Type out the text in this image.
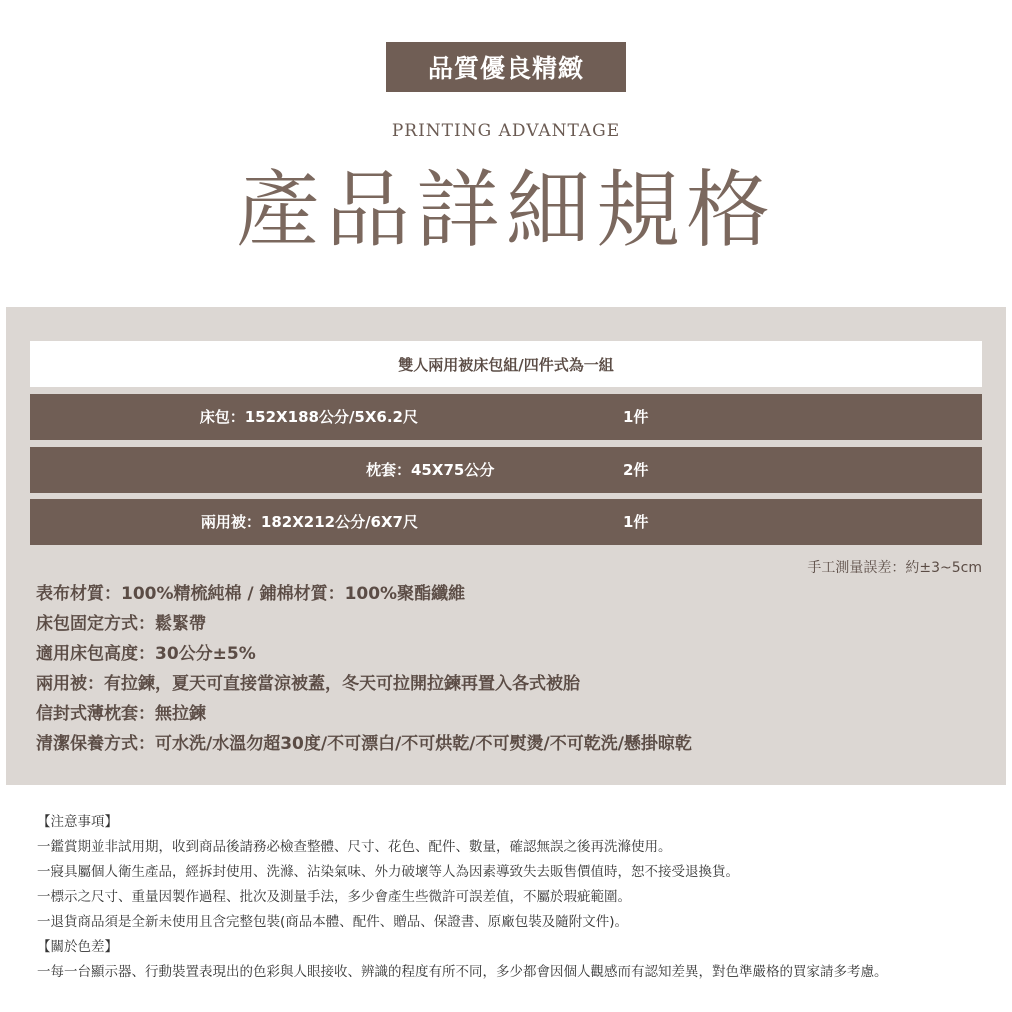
品質優良精緻
PRINTING ADVANTAGE
產品詳細規格
雙人兩用被床包組/四件式為一組
床包：152X188公分/5X6.2尺	1件
枕套：45X75公分	2件
兩用被：182X212公分/6X7尺	1件
手工測量誤差：約±3~5cm
表布材質：100%精梳純棉 / 鋪棉材質：100%聚酯纖維
床包固定方式：鬆緊帶
適用床包高度：30公分±5%
兩用被：有拉鍊，夏天可直接當涼被蓋，冬天可拉開拉鍊再置入各式被胎
信封式薄枕套：無拉鍊
清潔保養方式：可水洗/水溫勿超30度/不可漂白/不可烘乾/不可熨燙/不可乾洗/懸掛晾乾
【注意事項】
一鑑賞期並非試用期，收到商品後請務必檢查整體、尺寸、花色、配件、數量，確認無誤之後再洗滌使用。
一寢具屬個人衛生產品，經拆封使用、洗滌、沾染氣味、外力破壞等人為因素導致失去販售價值時，恕不接受退換貨。
一標示之尺寸、重量因製作過程、批次及測量手法，多少會產生些微許可誤差值，不屬於瑕疵範圍。
一退貨商品須是全新未使用且含完整包裝(商品本體、配件、贈品、保證書、原廠包裝及隨附文件)。
【關於色差】
一每一台顯示器、行動裝置表現出的色彩與人眼接收、辨識的程度有所不同，多少都會因個人觀感而有認知差異，對色準嚴格的買家請多考慮。
